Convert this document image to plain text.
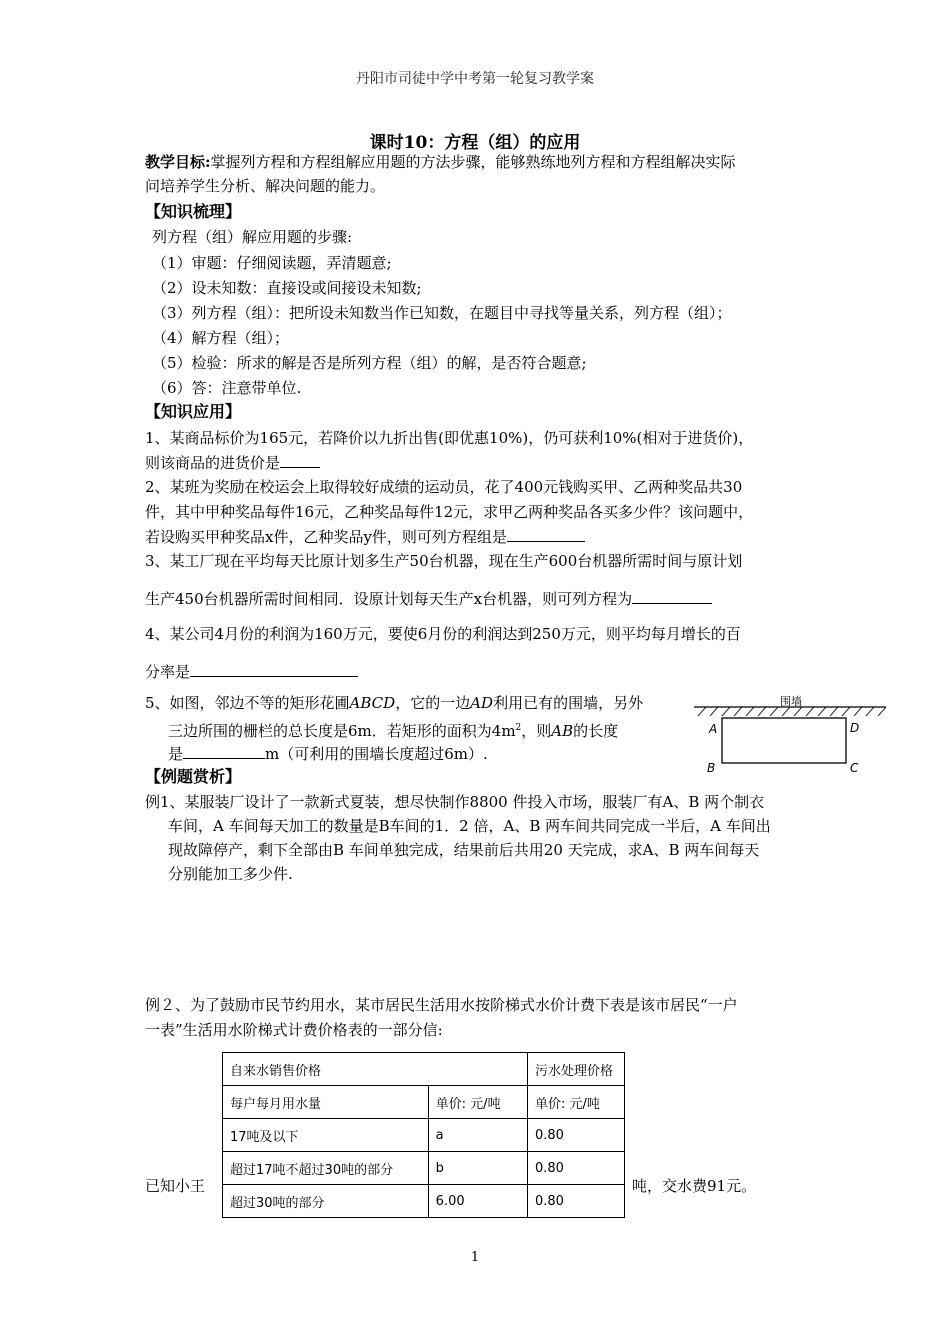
丹阳市司徒中学中考第一轮复习教学案
课时10：方程（组）的应用
教学目标:掌握列方程和方程组解应用题的方法步骤，能够熟练地列方程和方程组解决实际
问培养学生分析、解决问题的能力。
【知识梳理】
列方程（组）解应用题的步骤:
（1）审题：仔细阅读题，弄清题意;
（2）设未知数：直接设或间接设未知数;
（3）列方程（组）：把所设未知数当作已知数，在题目中寻找等量关系，列方程（组）；
（4）解方程（组）；
（5）检验：所求的解是否是所列方程（组）的解，是否符合题意;
（6）答：注意带单位.
【知识应用】
1、某商品标价为165元，若降价以九折出售(即优惠10%)，仍可获利10%(相对于进货价)，
则该商品的进货价是
2、某班为奖励在校运会上取得较好成绩的运动员，花了400元钱购买甲、乙两种奖品共30
件，其中甲种奖品每件16元，乙种奖品每件12元，求甲乙两种奖品各买多少件？该问题中，
若设购买甲种奖品x件，乙种奖品y件，则可列方程组是
3、某工厂现在平均每天比原计划多生产50台机器，现在生产600台机器所需时间与原计划
生产450台机器所需时间相同．设原计划每天生产x台机器，则可列方程为
4、某公司4月份的利润为160万元，要使6月份的利润达到250万元，则平均每月增长的百
分率是
5、如图，邻边不等的矩形花圃ABCD，它的一边AD利用已有的围墙，另外
三边所围的栅栏的总长度是6m．若矩形的面积为$4m^2$，则AB的长度
是	m（可利用的围墙长度超过6m）.
围墙
A
B	C
D
【例题赏析】
例1、某服装厂设计了一款新式夏装，想尽快制作8800 件投入市场，服装厂有A、B 两个制衣
车间，A 车间每天加工的数量是B车间的1．2 倍，A、B 两车间共同完成一半后，A 车间出
现故障停产，剩下全部由B 车间单独完成，结果前后共用20 天完成，求A、B 两车间每天
分别能加工多少件.
例２、为了鼓励市民节约用水，某市居民生活用水按阶梯式水价计费下表是该市居民“一户
一表”生活用水阶梯式计费价格表的一部分信:
已知小王	吨，交水费91元。
自来水销售价格		污水处理价格
每户每月用水量	单价: 元/吨	单价: 元/吨
17吨及以下	a	0.80
超过17吨不超过30吨的部分	b	0.80
超过30吨的部分	6.00	0.80
1
